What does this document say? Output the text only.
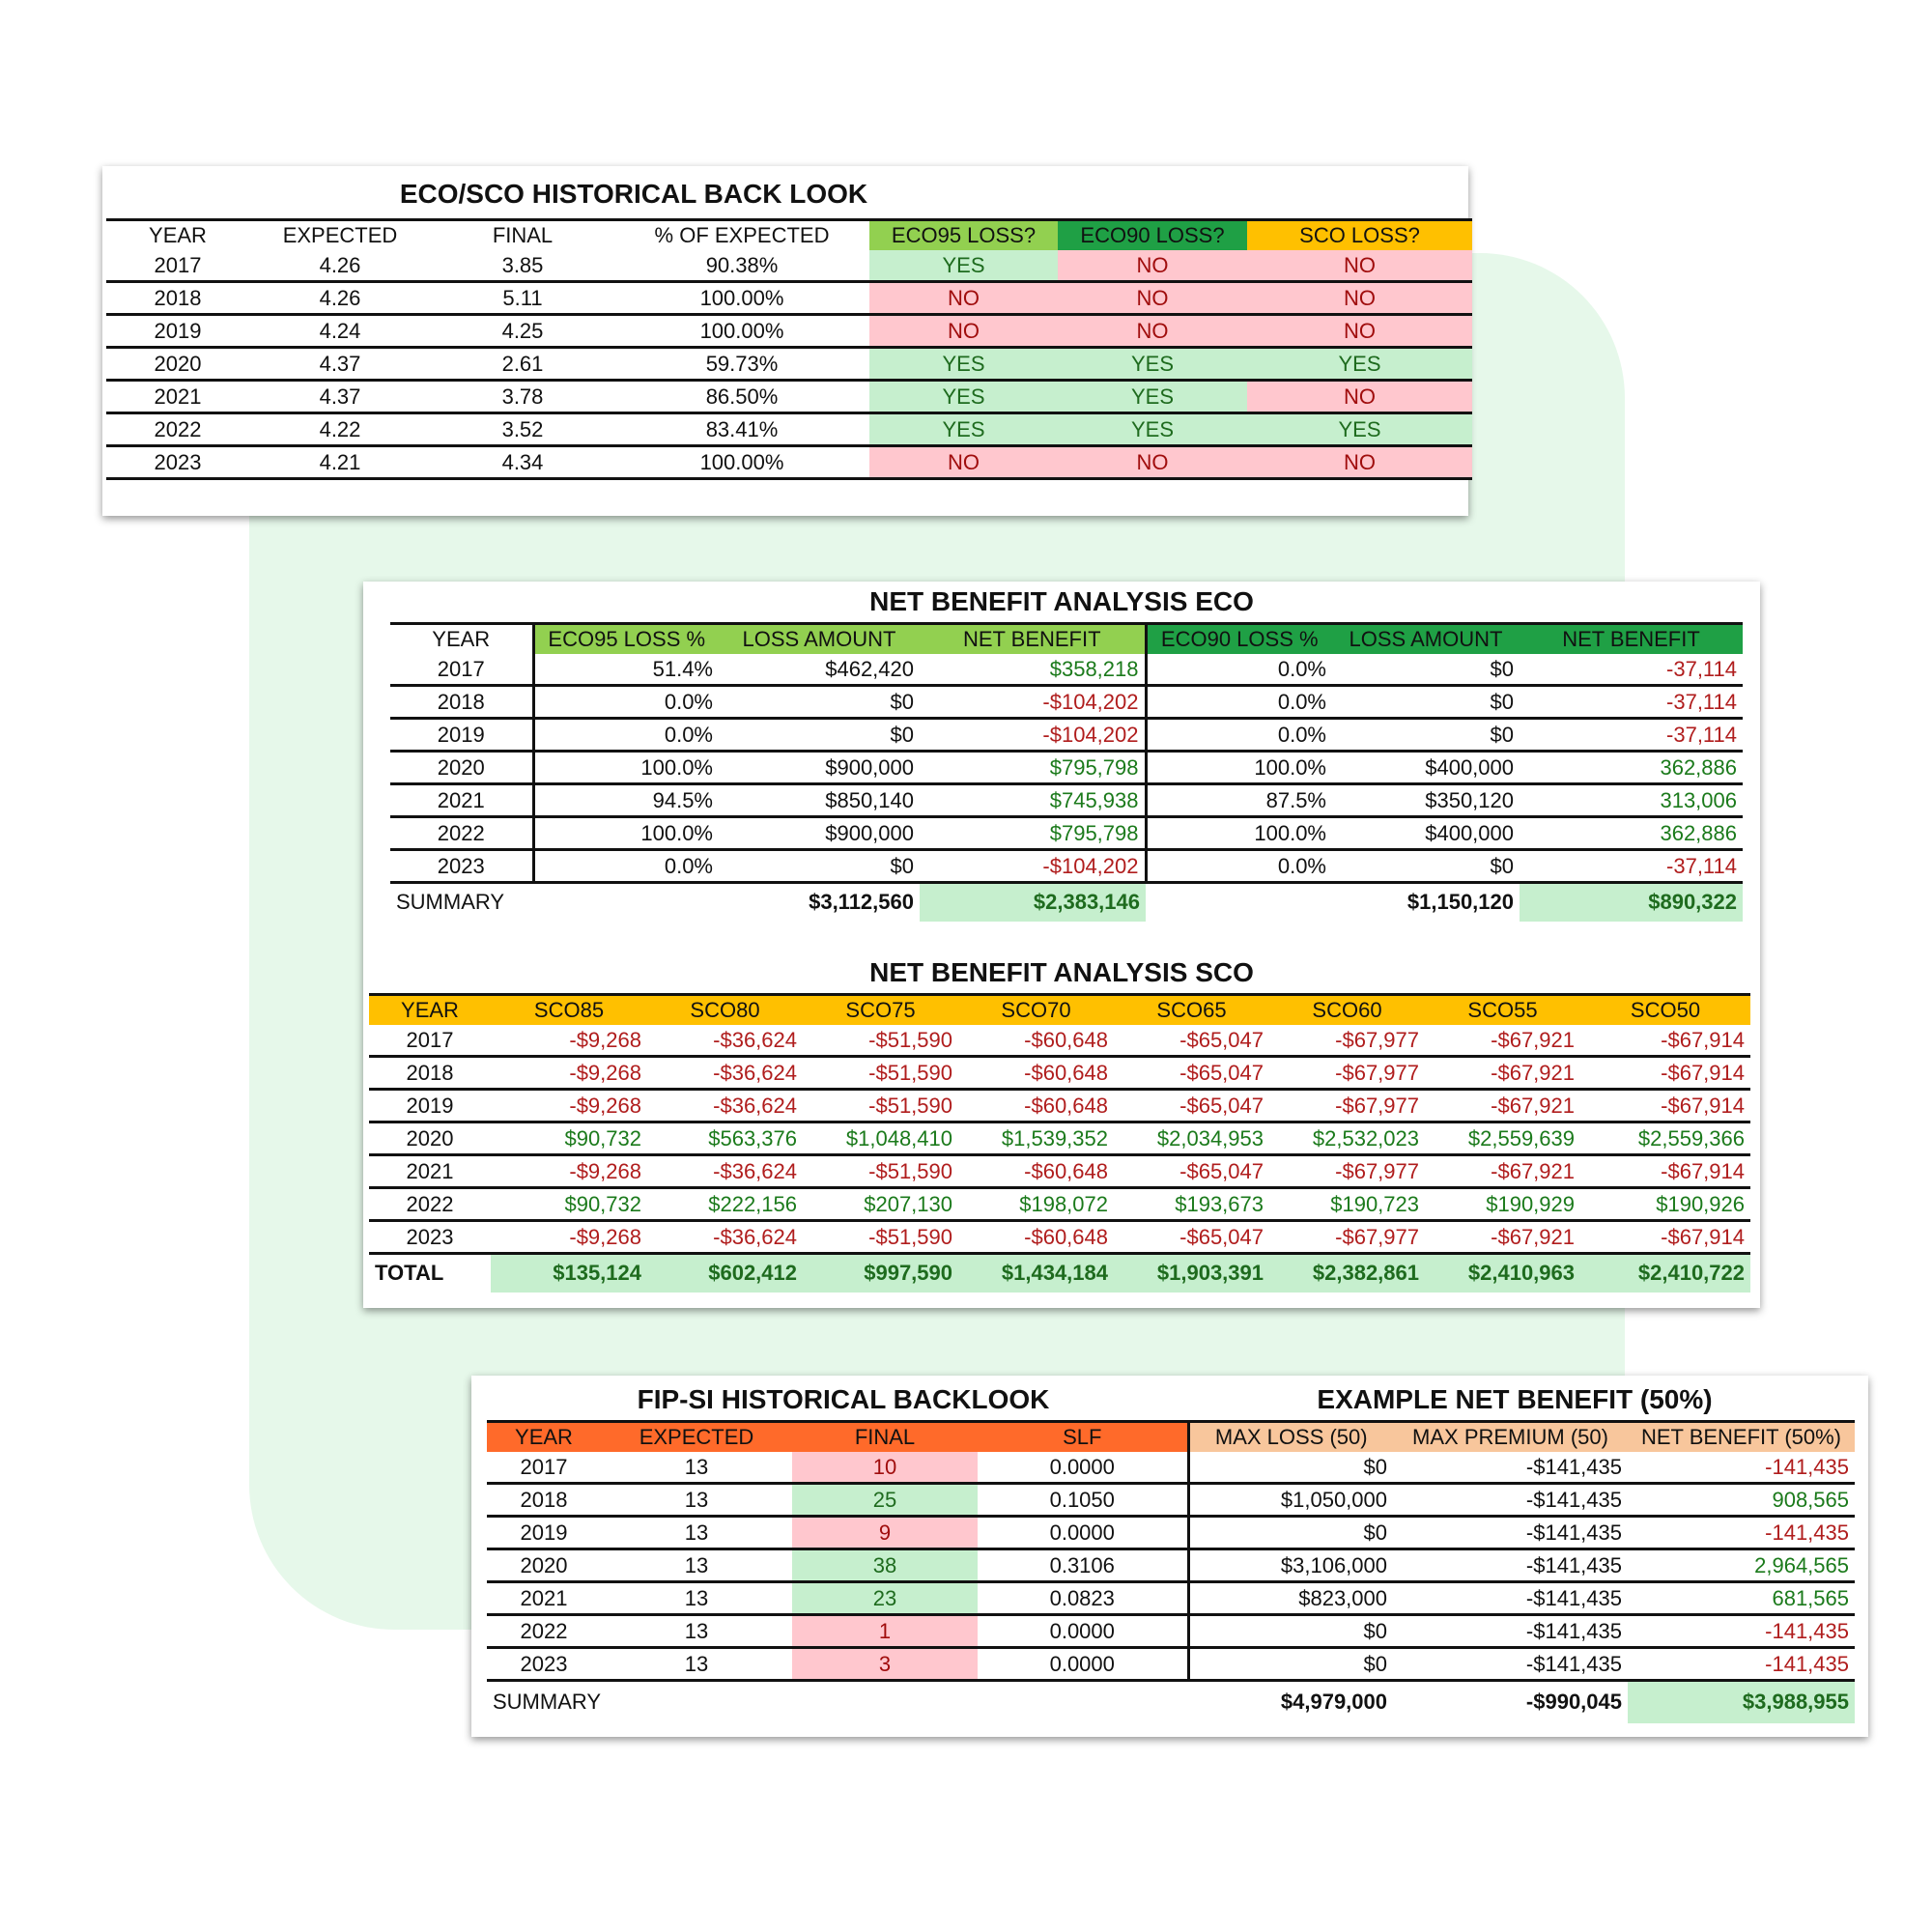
ECO/SCO HISTORICAL BACK LOOK
YEAR	EXPECTED	FINAL	% OF EXPECTED	ECO95 LOSS?	ECO90 LOSS?	SCO LOSS?
2017	4.26	3.85	90.38%	YES	NO	NO
2018	4.26	5.11	100.00%	NO	NO	NO
2019	4.24	4.25	100.00%	NO	NO	NO
2020	4.37	2.61	59.73%	YES	YES	YES
2021	4.37	3.78	86.50%	YES	YES	NO
2022	4.22	3.52	83.41%	YES	YES	YES
2023	4.21	4.34	100.00%	NO	NO	NO
NET BENEFIT ANALYSIS ECO
YEAR	ECO95 LOSS %	LOSS AMOUNT	NET BENEFIT	ECO90 LOSS %	LOSS AMOUNT	NET BENEFIT
2017	51.4%	$462,420	$358,218	0.0%	$0	-37,114
2018	0.0%	$0	-$104,202	0.0%	$0	-37,114
2019	0.0%	$0	-$104,202	0.0%	$0	-37,114
2020	100.0%	$900,000	$795,798	100.0%	$400,000	362,886
2021	94.5%	$850,140	$745,938	87.5%	$350,120	313,006
2022	100.0%	$900,000	$795,798	100.0%	$400,000	362,886
2023	0.0%	$0	-$104,202	0.0%	$0	-37,114
SUMMARY		$3,112,560	$2,383,146		$1,150,120	$890,322
NET BENEFIT ANALYSIS SCO
YEAR	SCO85	SCO80	SCO75	SCO70	SCO65	SCO60	SCO55	SCO50
2017	-$9,268	-$36,624	-$51,590	-$60,648	-$65,047	-$67,977	-$67,921	-$67,914
2018	-$9,268	-$36,624	-$51,590	-$60,648	-$65,047	-$67,977	-$67,921	-$67,914
2019	-$9,268	-$36,624	-$51,590	-$60,648	-$65,047	-$67,977	-$67,921	-$67,914
2020	$90,732	$563,376	$1,048,410	$1,539,352	$2,034,953	$2,532,023	$2,559,639	$2,559,366
2021	-$9,268	-$36,624	-$51,590	-$60,648	-$65,047	-$67,977	-$67,921	-$67,914
2022	$90,732	$222,156	$207,130	$198,072	$193,673	$190,723	$190,929	$190,926
2023	-$9,268	-$36,624	-$51,590	-$60,648	-$65,047	-$67,977	-$67,921	-$67,914
TOTAL	$135,124	$602,412	$997,590	$1,434,184	$1,903,391	$2,382,861	$2,410,963	$2,410,722
FIP-SI HISTORICAL BACKLOOK	EXAMPLE NET BENEFIT (50%)
YEAR	EXPECTED	FINAL	SLF	MAX LOSS (50)	MAX PREMIUM (50)	NET BENEFIT (50%)
2017	13	10	0.0000	$0	-$141,435	-141,435
2018	13	25	0.1050	$1,050,000	-$141,435	908,565
2019	13	9	0.0000	$0	-$141,435	-141,435
2020	13	38	0.3106	$3,106,000	-$141,435	2,964,565
2021	13	23	0.0823	$823,000	-$141,435	681,565
2022	13	1	0.0000	$0	-$141,435	-141,435
2023	13	3	0.0000	$0	-$141,435	-141,435
SUMMARY				$4,979,000	-$990,045	$3,988,955
